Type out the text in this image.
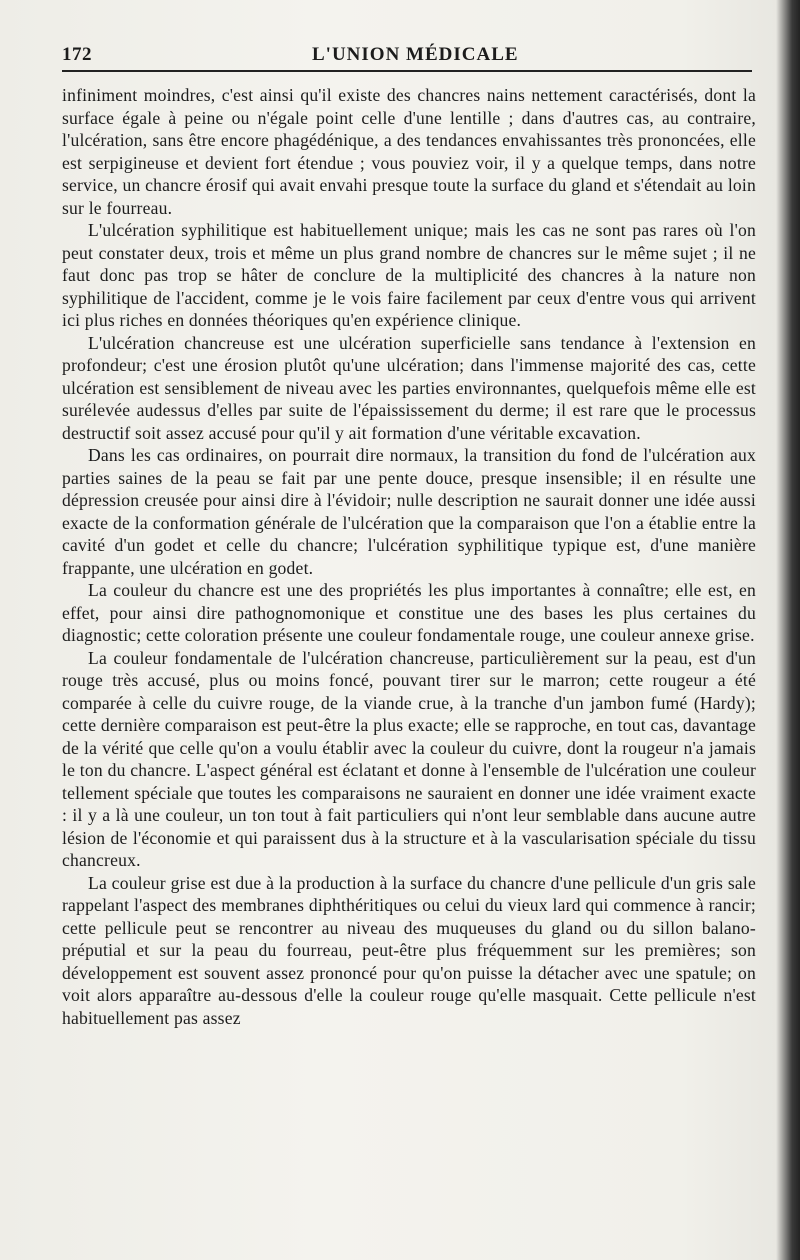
172	L'UNION MÉDICALE

infiniment moindres, c'est ainsi qu'il existe des chancres nains nettement caractérisés, dont la surface égale à peine ou n'égale point celle d'une lentille ; dans d'autres cas, au contraire, l'ulcération, sans être encore phagédénique, a des tendances envahissantes très prononcées, elle est serpigineuse et devient fort étendue ; vous pouviez voir, il y a quelque temps, dans notre service, un chancre érosif qui avait envahi presque toute la surface du gland et s'étendait au loin sur le fourreau.

L'ulcération syphilitique est habituellement unique; mais les cas ne sont pas rares où l'on peut constater deux, trois et même un plus grand nombre de chancres sur le même sujet ; il ne faut donc pas trop se hâter de conclure de la multiplicité des chancres à la nature non syphilitique de l'accident, comme je le vois faire facilement par ceux d'entre vous qui arrivent ici plus riches en données théoriques qu'en expérience clinique.

L'ulcération chancreuse est une ulcération superficielle sans tendance à l'extension en profondeur; c'est une érosion plutôt qu'une ulcération; dans l'immense majorité des cas, cette ulcération est sensiblement de niveau avec les parties environnantes, quelquefois même elle est surélevée audessus d'elles par suite de l'épaississement du derme; il est rare que le processus destructif soit assez accusé pour qu'il y ait formation d'une véritable excavation.

Dans les cas ordinaires, on pourrait dire normaux, la transition du fond de l'ulcération aux parties saines de la peau se fait par une pente douce, presque insensible; il en résulte une dépression creusée pour ainsi dire à l'évidoir; nulle description ne saurait donner une idée aussi exacte de la conformation générale de l'ulcération que la comparaison que l'on a établie entre la cavité d'un godet et celle du chancre; l'ulcération syphilitique typique est, d'une manière frappante, une ulcération en godet.

La couleur du chancre est une des propriétés les plus importantes à connaître; elle est, en effet, pour ainsi dire pathognomonique et constitue une des bases les plus certaines du diagnostic; cette coloration présente une couleur fondamentale rouge, une couleur annexe grise.

La couleur fondamentale de l'ulcération chancreuse, particulièrement sur la peau, est d'un rouge très accusé, plus ou moins foncé, pouvant tirer sur le marron; cette rougeur a été comparée à celle du cuivre rouge, de la viande crue, à la tranche d'un jambon fumé (Hardy); cette dernière comparaison est peut-être la plus exacte; elle se rapproche, en tout cas, davantage de la vérité que celle qu'on a voulu établir avec la couleur du cuivre, dont la rougeur n'a jamais le ton du chancre. L'aspect général est éclatant et donne à l'ensemble de l'ulcération une couleur tellement spéciale que toutes les comparaisons ne sauraient en donner une idée vraiment exacte : il y a là une couleur, un ton tout à fait particuliers qui n'ont leur semblable dans aucune autre lésion de l'économie et qui paraissent dus à la structure et à la vascularisation spéciale du tissu chancreux.

La couleur grise est due à la production à la surface du chancre d'une pellicule d'un gris sale rappelant l'aspect des membranes diphthéritiques ou celui du vieux lard qui commence à rancir; cette pellicule peut se rencontrer au niveau des muqueuses du gland ou du sillon balano-préputial et sur la peau du fourreau, peut-être plus fréquemment sur les premières; son développement est souvent assez prononcé pour qu'on puisse la détacher avec une spatule; on voit alors apparaître au-dessous d'elle la couleur rouge qu'elle masquait. Cette pellicule n'est habituellement pas assez
